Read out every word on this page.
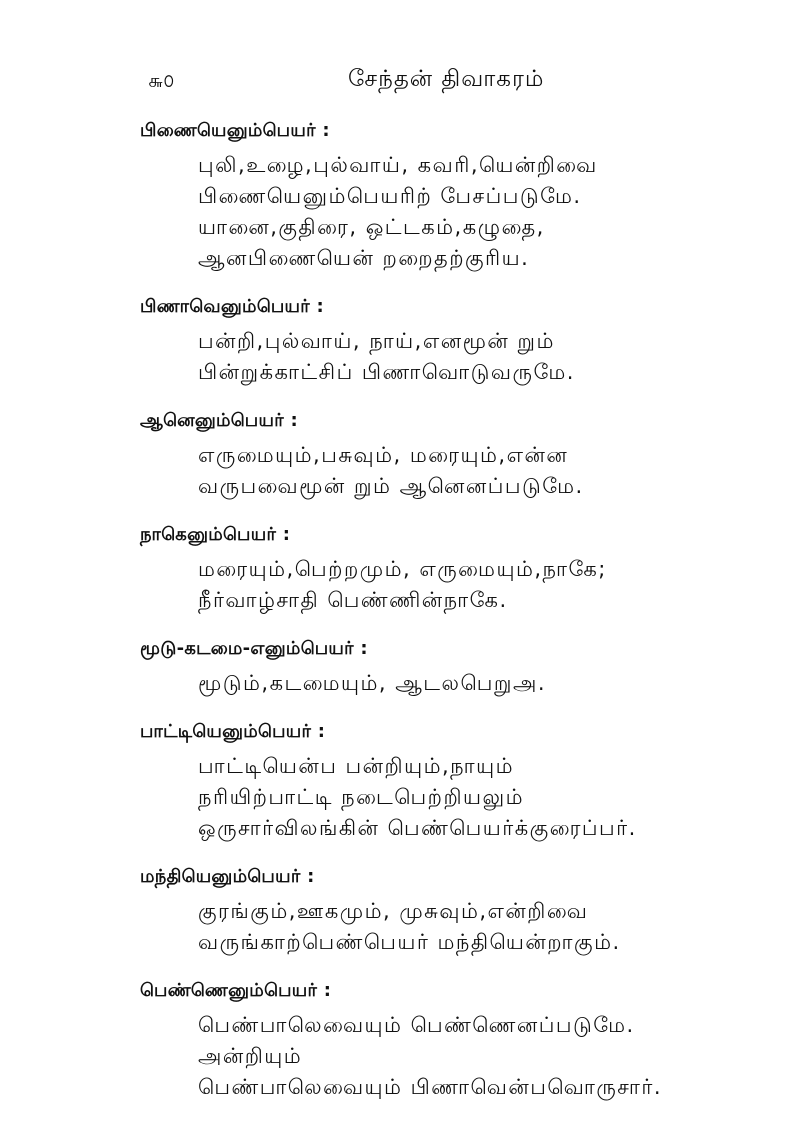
௬௦	சேந்தன் திவாகரம்
பிணையெனும்பெயர் :
புலி,உழை,புல்வாய், கவரி,யென்றிவை
பிணையெனும்பெயரிற் பேசப்படுமே.
யானை,குதிரை, ஒட்டகம்,கழுதை,
ஆனபிணையென் றறைதற்குரிய.
பிணாவெனும்பெயர் :
பன்றி,புல்வாய், நாய்,எனமூன் றும்
பின்றுக்காட்சிப் பிணாவொடுவருமே.
ஆனெனும்பெயர் :
எருமையும்,பசுவும், மரையும்,என்ன
வருபவைமூன் றும் ஆனெனப்படுமே.
நாகெனும்பெயர் :
மரையும்,பெற்றமும், எருமையும்,நாகே;
நீர்வாழ்சாதி பெண்ணின்நாகே.
மூடு-கடமை-எனும்பெயர் :
மூடும்,கடமையும், ஆடலபெறுஅ.
பாட்டியெனும்பெயர் :
பாட்டியென்ப பன்றியும்,நாயும்
நரியிற்பாட்டி நடைபெற்றியலும்
ஒருசார்விலங்கின் பெண்பெயர்க்குரைப்பர்.
மந்தியெனும்பெயர் :
குரங்கும்,ஊகமும், முசுவும்,என்றிவை
வருங்காற்பெண்பெயர் மந்தியென்றாகும்.
பெண்ணெனும்பெயர் :
பெண்பாலெவையும் பெண்ணெனப்படுமே.
அன்றியும்
பெண்பாலெவையும் பிணாவென்பவொருசார்.
